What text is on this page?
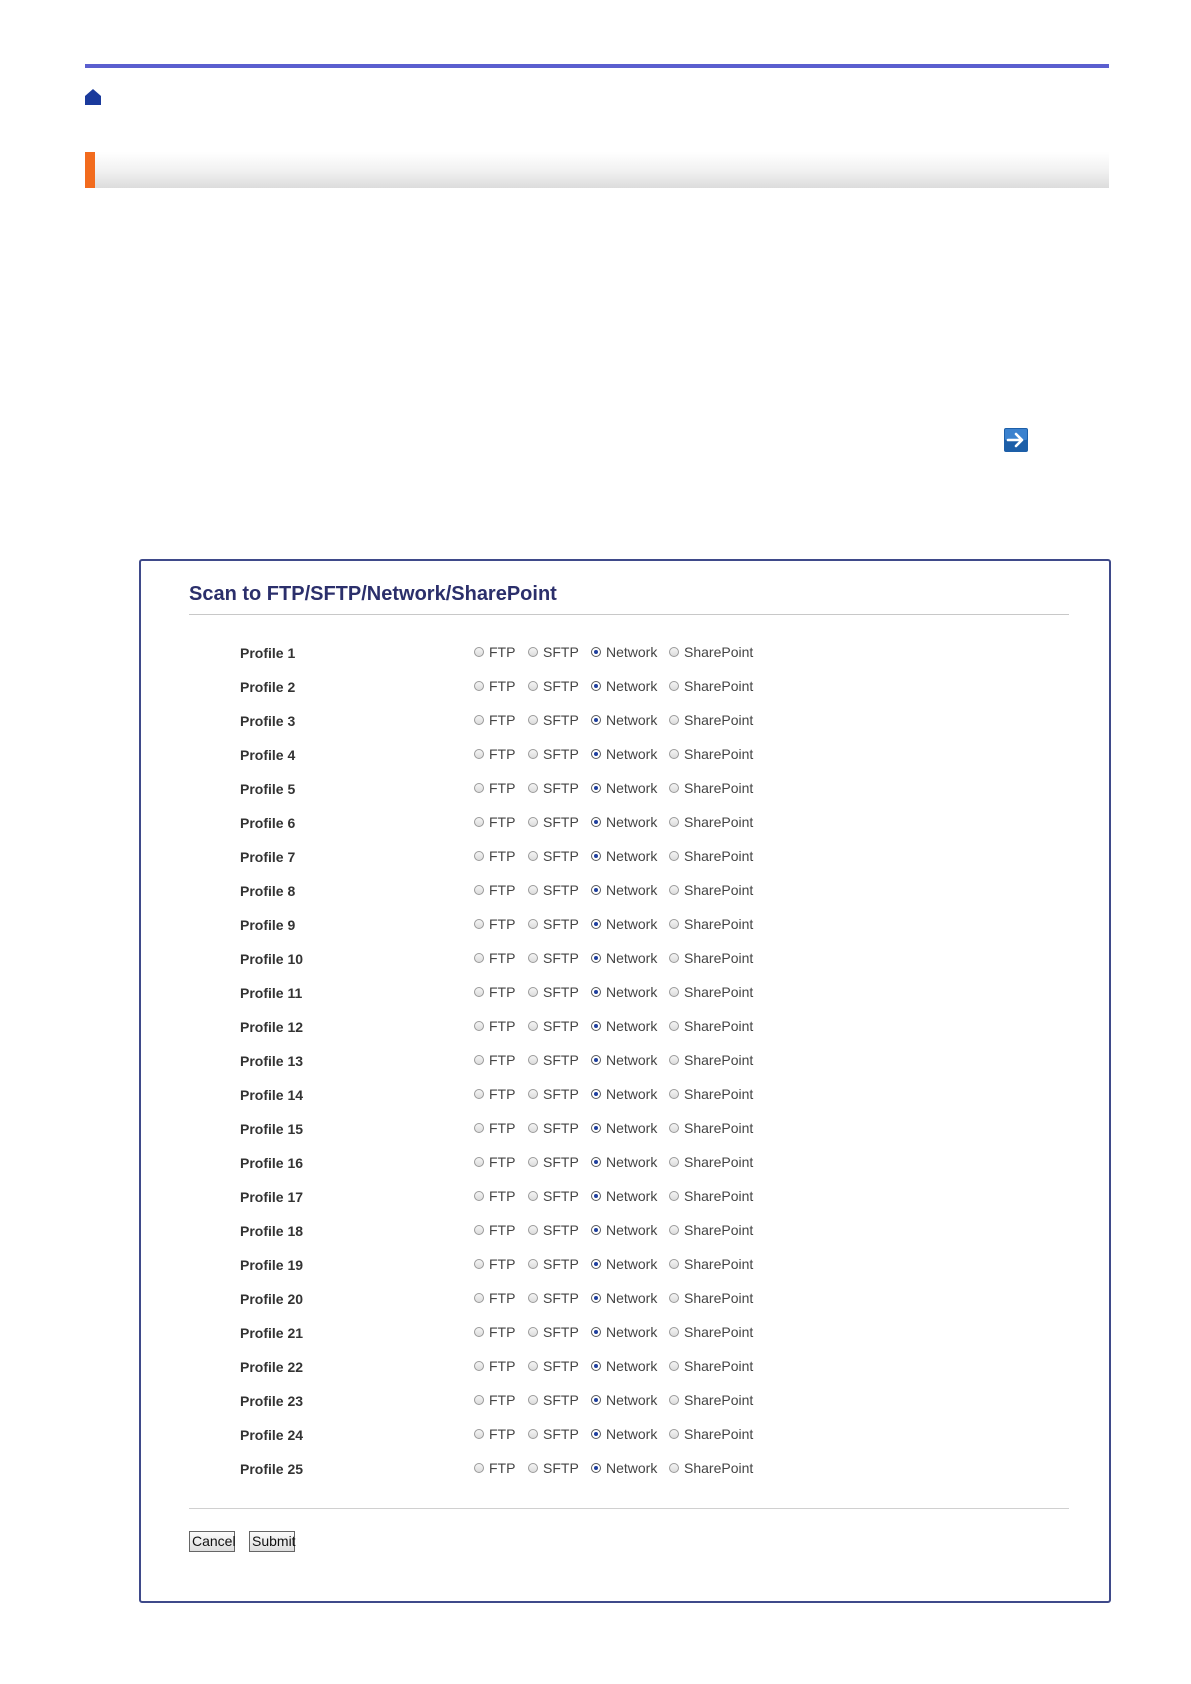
Scan to FTP/SFTP/Network/SharePoint
Profile 1	FTP SFTP Network SharePoint
Profile 2	FTP SFTP Network SharePoint
Profile 3	FTP SFTP Network SharePoint
Profile 4	FTP SFTP Network SharePoint
Profile 5	FTP SFTP Network SharePoint
Profile 6	FTP SFTP Network SharePoint
Profile 7	FTP SFTP Network SharePoint
Profile 8	FTP SFTP Network SharePoint
Profile 9	FTP SFTP Network SharePoint
Profile 10	FTP SFTP Network SharePoint
Profile 11	FTP SFTP Network SharePoint
Profile 12	FTP SFTP Network SharePoint
Profile 13	FTP SFTP Network SharePoint
Profile 14	FTP SFTP Network SharePoint
Profile 15	FTP SFTP Network SharePoint
Profile 16	FTP SFTP Network SharePoint
Profile 17	FTP SFTP Network SharePoint
Profile 18	FTP SFTP Network SharePoint
Profile 19	FTP SFTP Network SharePoint
Profile 20	FTP SFTP Network SharePoint
Profile 21	FTP SFTP Network SharePoint
Profile 22	FTP SFTP Network SharePoint
Profile 23	FTP SFTP Network SharePoint
Profile 24	FTP SFTP Network SharePoint
Profile 25	FTP SFTP Network SharePoint
Cancel Submit
